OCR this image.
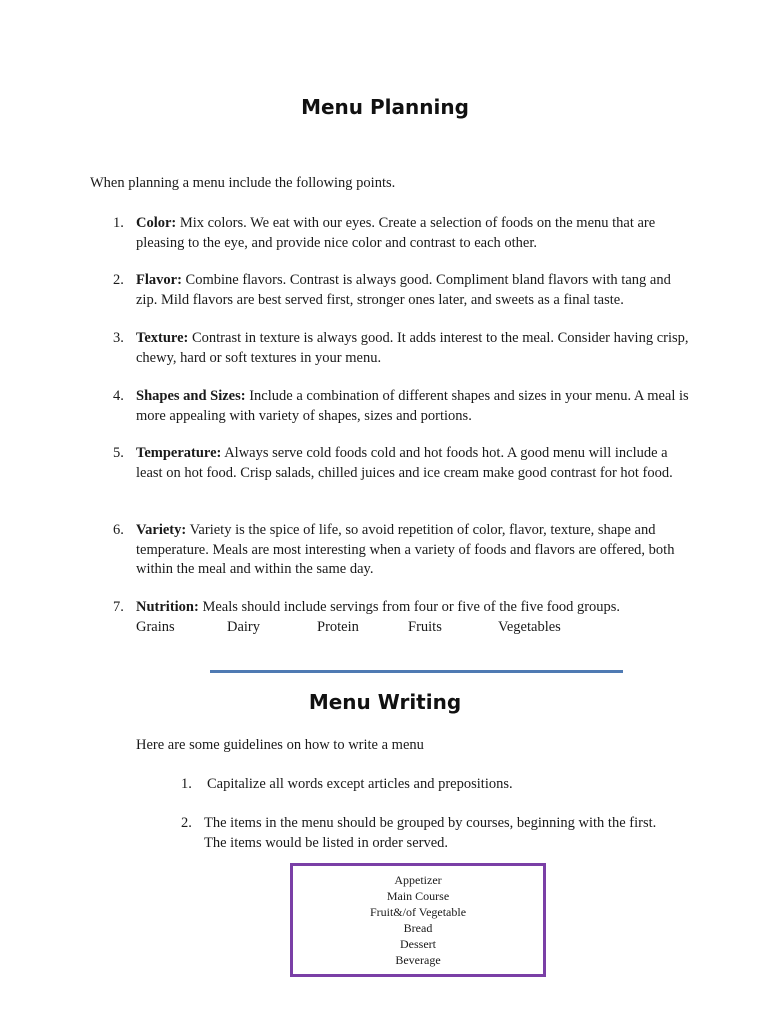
Menu Planning
When planning a menu include the following points.
1. Color: Mix colors. We eat with our eyes. Create a selection of foods on the menu that are pleasing to the eye, and provide nice color and contrast to each other.
2. Flavor: Combine flavors. Contrast is always good. Compliment bland flavors with tang and zip. Mild flavors are best served first, stronger ones later, and sweets as a final taste.
3. Texture: Contrast in texture is always good. It adds interest to the meal. Consider having crisp, chewy, hard or soft textures in your menu.
4. Shapes and Sizes: Include a combination of different shapes and sizes in your menu. A meal is more appealing with variety of shapes, sizes and portions.
5. Temperature: Always serve cold foods cold and hot foods hot. A good menu will include a least on hot food. Crisp salads, chilled juices and ice cream make good contrast for hot food.
6. Variety: Variety is the spice of life, so avoid repetition of color, flavor, texture, shape and temperature. Meals are most interesting when a variety of foods and flavors are offered, both within the meal and within the same day.
7. Nutrition: Meals should include servings from four or five of the five food groups.
Grains	Dairy	Protein	Fruits	Vegetables
Menu Writing
Here are some guidelines on how to write a menu
1. Capitalize all words except articles and prepositions.
2. The items in the menu should be grouped by courses, beginning with the first. The items would be listed in order served.
Appetizer
Main Course
Fruit&/of Vegetable
Bread
Dessert
Beverage
